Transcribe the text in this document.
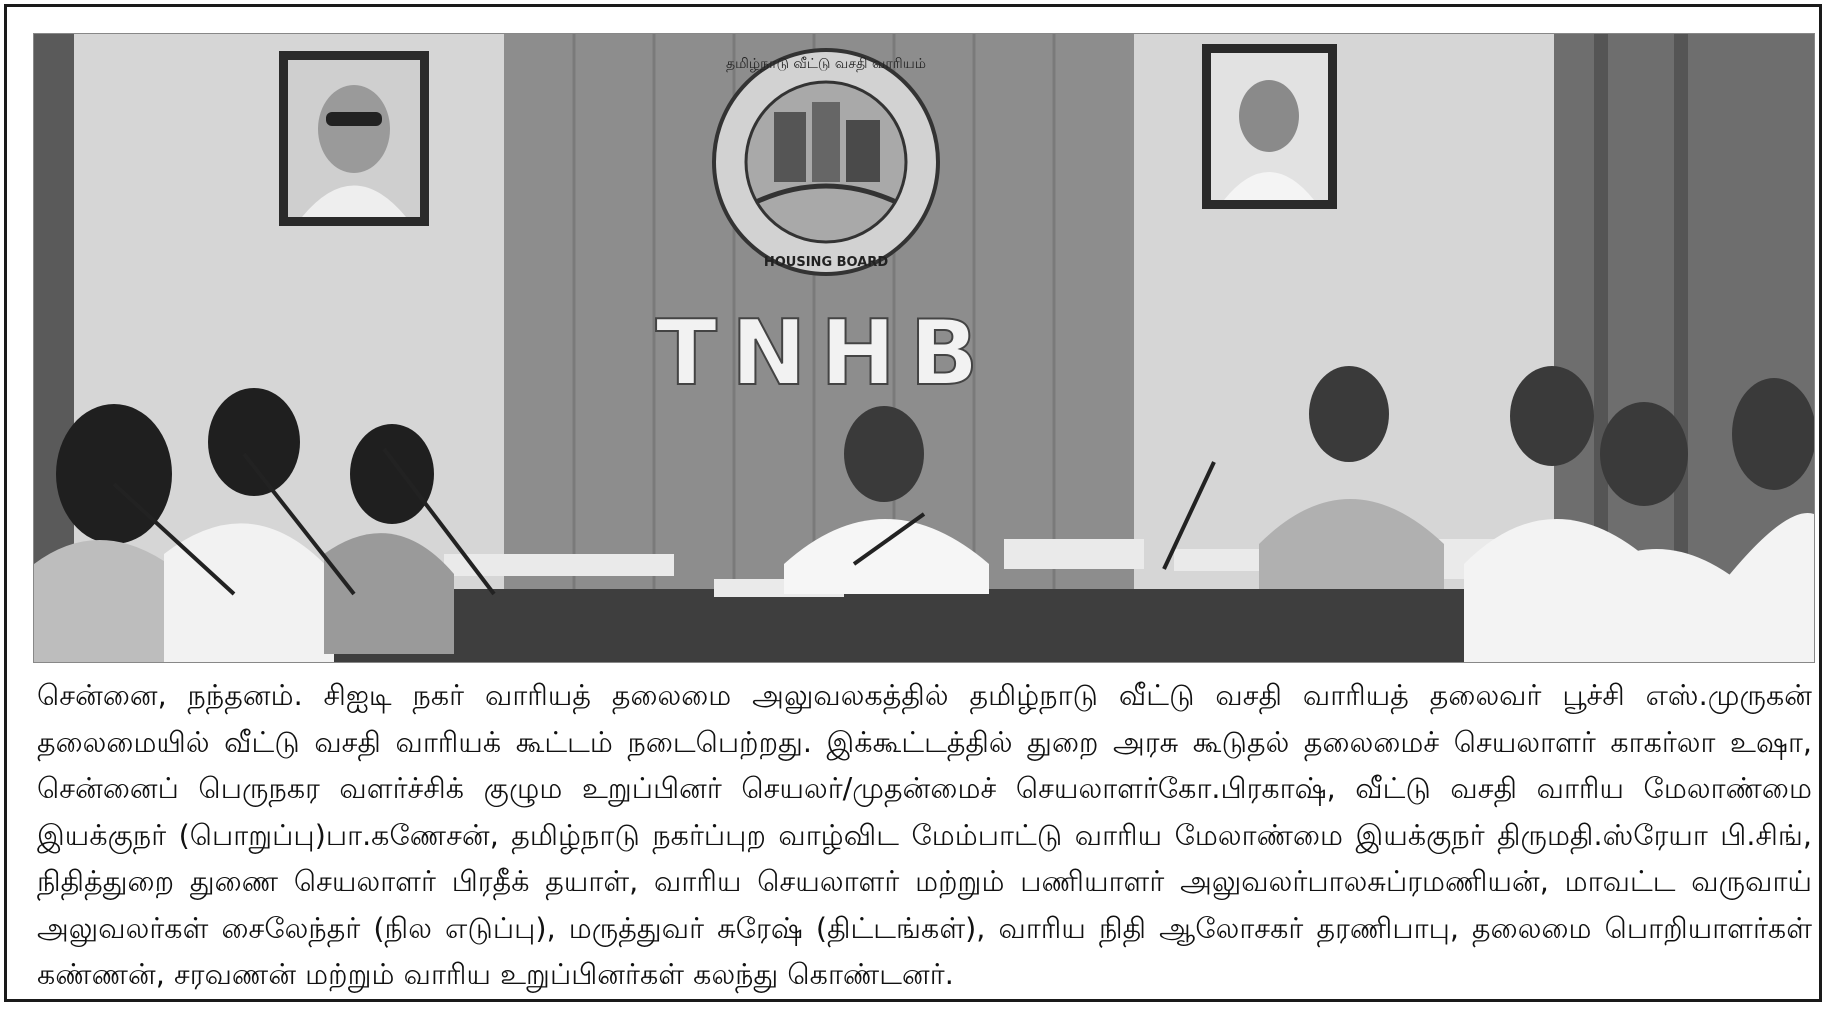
தமிழ்நாடு வீட்டு வசதி வாரியம்
HOUSING BOARD
TNHB

சென்னை, நந்தனம். சிஐடி நகர் வாரியத் தலைமை அலுவலகத்தில் தமிழ்நாடு வீட்டு வசதி வாரியத் தலைவர் பூச்சி எஸ்.முருகன் தலைமையில் வீட்டு வசதி வாரியக் கூட்டம் நடைபெற்றது. இக்கூட்டத்தில் துறை அரசு கூடுதல் தலைமைச் செயலாளர் காகர்லா உஷா, சென்னைப் பெருநகர வளர்ச்சிக் குழும உறுப்பினர் செயலர்/முதன்மைச் செயலாளர்கோ.பிரகாஷ், வீட்டு வசதி வாரிய மேலாண்மை இயக்குநர் (பொறுப்பு)பா.கணேசன், தமிழ்நாடு நகர்ப்புற வாழ்விட மேம்பாட்டு வாரிய மேலாண்மை இயக்குநர் திருமதி.ஸ்ரேயா பி.சிங், நிதித்துறை துணை செயலாளர் பிரதீக் தயாள், வாரிய செயலாளர் மற்றும் பணியாளர் அலுவலர்பாலசுப்ரமணியன், மாவட்ட வருவாய் அலுவலர்கள் சைலேந்தர் (நில எடுப்பு), மருத்துவர் சுரேஷ் (திட்டங்கள்), வாரிய நிதி ஆலோசகர் தரணிபாபு, தலைமை பொறியாளர்கள் கண்ணன், சரவணன் மற்றும் வாரிய உறுப்பினர்கள் கலந்து கொண்டனர்.
